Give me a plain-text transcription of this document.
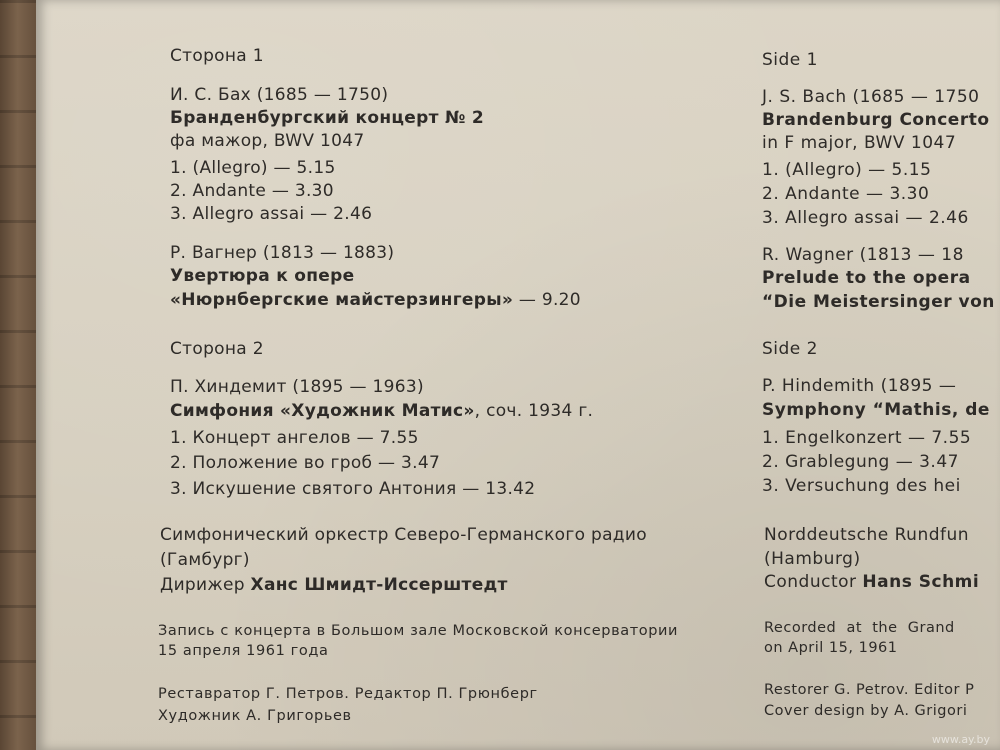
Сторона 1
И. С. Бах (1685 — 1750)
Бранденбургский концерт № 2
фа мажор, BWV 1047
1. (Allegro) — 5.15
2. Andante — 3.30
3. Allegro assai — 2.46
Р. Вагнер (1813 — 1883)
Увертюра к опере
«Нюрнбергские майстерзингеры» — 9.20
Сторона 2
П. Хиндемит (1895 — 1963)
Симфония «Художник Матис», соч. 1934 г.
1. Концерт ангелов — 7.55
2. Положение во гроб — 3.47
3. Искушение святого Антония — 13.42
Симфонический оркестр Северо-Германского радио
(Гамбург)
Дирижер Ханс Шмидт-Иссерштедт
Запись с концерта в Большом зале Московской консерватории
15 апреля 1961 года
Реставратор Г. Петров. Редактор П. Грюнберг
Художник А. Григорьев
Side 1
J. S. Bach (1685 — 1750
Brandenburg Concerto
in F major, BWV 1047
1. (Allegro) — 5.15
2. Andante — 3.30
3. Allegro assai — 2.46
R. Wagner (1813 — 18
Prelude to the opera
“Die Meistersinger von
Side 2
P. Hindemith (1895 —
Symphony “Mathis, de
1. Engelkonzert — 7.55
2. Grablegung — 3.47
3. Versuchung des hei
Norddeutsche Rundfun
(Hamburg)
Conductor Hans Schmi
Recorded  at  the  Grand
on April 15, 1961
Restorer G. Petrov. Editor P
Cover design by A. Grigori
www.ay.by
